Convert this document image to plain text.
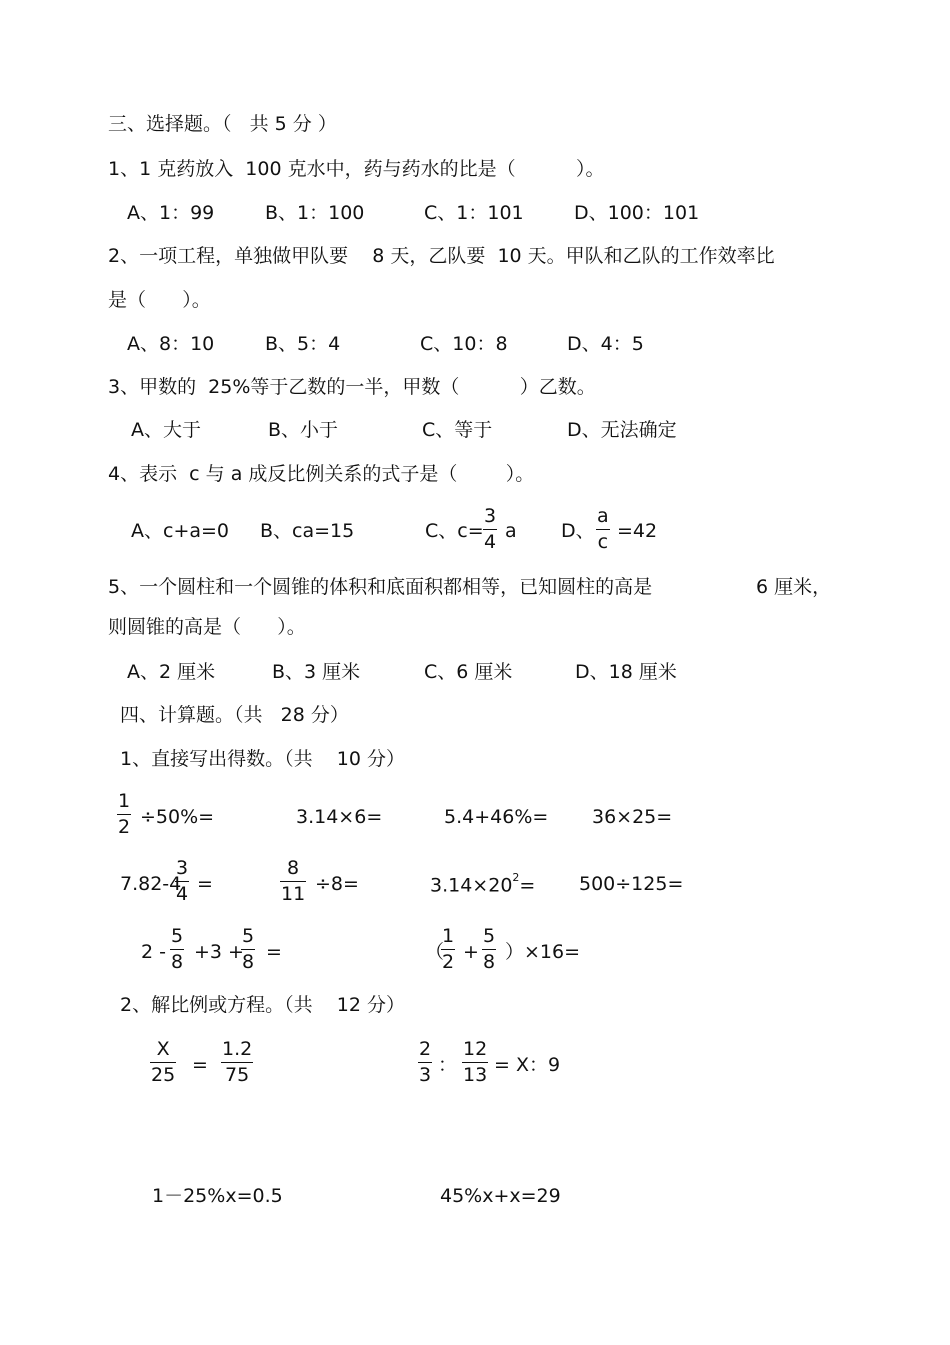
三、选择题。（   共 5 分 ）
1、1 克药放入  100 克水中，药与药水的比是（          ）。
A、1：99	B、1：100	C、1：101	D、100：101
2、一项工程，单独做甲队要    8 天，乙队要  10 天。甲队和乙队的工作效率比
是（      ）。
A、8：10	B、5：4	C、10：8	D、4：5
3、甲数的  25%等于乙数的一半，甲数（          ）乙数。
A、大于	B、小于	C、等于	D、无法确定
4、表示  c 与 a 成反比例关系的式子是（        ）。
A、c+a=0 B、ca=15	C、$c= \frac{3}{4}$ a D、 $\frac{a}{c} =42$
5、一个圆柱和一个圆锥的体积和底面积都相等，已知圆柱的高是	6 厘米，
则圆锥的高是（      ）。
A、2 厘米	B、3 厘米	C、6 厘米	D、18 厘米
四、计算题。（共   28 分）
1、直接写出得数。（共    10 分）
$\frac{1}{2} \div 50\%=$	3.14×6=	5.4+46%= 36×25=
7.82-4
$\frac{3}{4}$ =	$\frac{8}{11} \div 8=$	$3.14\times 20^2= 500\div 125=$
$2 - \frac{5}{8} +3$ +
$\frac{5}{8}$ =	（
$\frac{1}{2} + \frac{5}{8} )\times 16=$
2、解比例或方程。（共    12 分）
$\frac{X}{25} = \frac{1.2}{75}$	$\frac{2}{3}$ ： $\frac{12}{13} = X$：9
1－25%x=0.5	45%x+x=29
